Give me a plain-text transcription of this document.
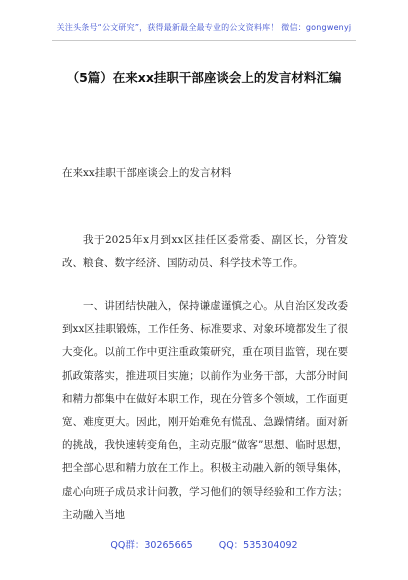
关注头条号“公文研究”，获得最新最全最专业的公文资料库！ 微信：gongwenyj
（5篇）在来xx挂职干部座谈会上的发言材料汇编
在来xx挂职干部座谈会上的发言材料
我于2025年x月到xx区挂任区委常委、副区长，分管发改、粮食、数字经济、国防动员、科学技术等工作。
一、讲团结快融入，保持谦虚谨慎之心。从自治区发改委到xx区挂职锻炼，工作任务、标准要求、对象环境都发生了很大变化。以前工作中更注重政策研究，重在项目监管，现在要抓政策落实，推进项目实施；以前作为业务干部，大部分时间和精力都集中在做好本职工作，现在分管多个领域，工作面更宽、难度更大。因此，刚开始难免有慌乱、急躁情绪。面对新的挑战，我快速转变角色，主动克服“做客”思想、临时思想，把全部心思和精力放在工作上。积极主动融入新的领导集体，虚心向班子成员求计问教，学习他们的领导经验和工作方法；主动融入当地
QQ群：30265665	QQ：535304092
